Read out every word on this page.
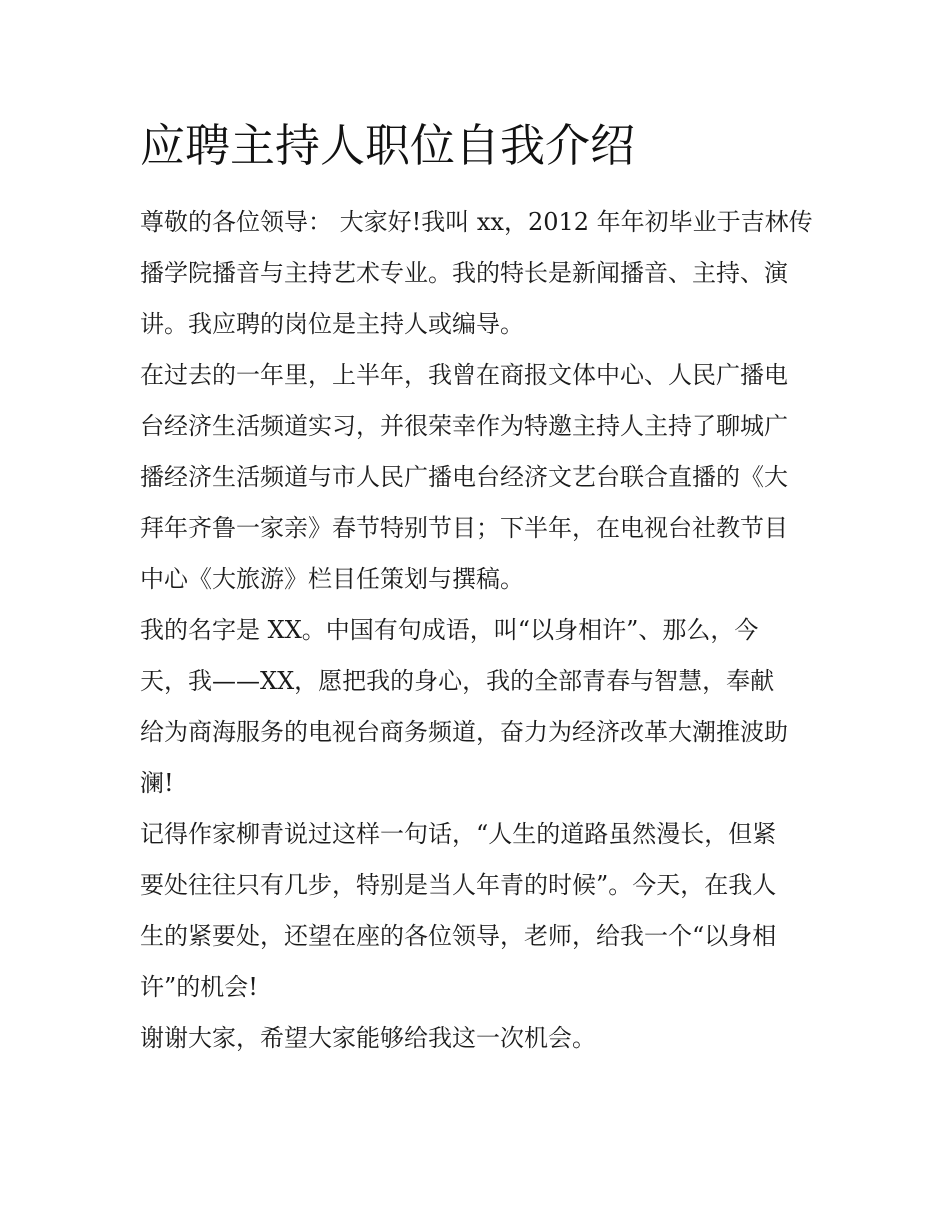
应聘主持人职位自我介绍
尊敬的各位领导： 大家好!我叫 xx，2012 年年初毕业于吉林传
播学院播音与主持艺术专业。我的特长是新闻播音、主持、演
讲。我应聘的岗位是主持人或编导。
在过去的一年里，上半年，我曾在商报文体中心、人民广播电
台经济生活频道实习，并很荣幸作为特邀主持人主持了聊城广
播经济生活频道与市人民广播电台经济文艺台联合直播的《大
拜年齐鲁一家亲》春节特别节目；下半年，在电视台社教节目
中心《大旅游》栏目任策划与撰稿。
我的名字是 XX。中国有句成语，叫“以身相许”、那么，今
天，我——XX，愿把我的身心，我的全部青春与智慧，奉献
给为商海服务的电视台商务频道，奋力为经济改革大潮推波助
澜!
记得作家柳青说过这样一句话，“人生的道路虽然漫长，但紧
要处往往只有几步，特别是当人年青的时候”。今天，在我人
生的紧要处，还望在座的各位领导，老师，给我一个“以身相
许”的机会!
谢谢大家，希望大家能够给我这一次机会。
